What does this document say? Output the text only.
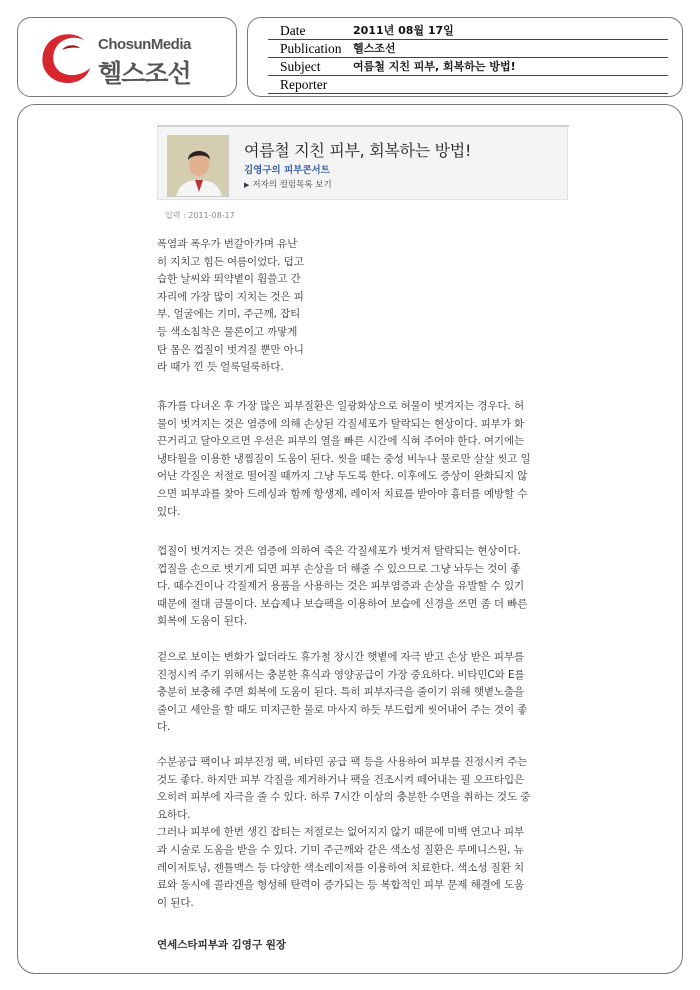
ChosunMedia
헬스조선
Date	2011년 08월 17일
Publication	헬스조선
Subject	여름철 지친 피부, 회복하는 방법!
Reporter
여름철 지친 피부, 회복하는 방법!
김영구의 피부콘서트
▶ 저자의 컬럼목록 보기
입력 : 2011-08-17
폭염과 폭우가 번갈아가며 유난
히 지치고 힘든 여름이었다. 덥고
습한 날씨와 뙤약볕이 휩쓸고 간
자리에 가장 많이 지치는 것은 피
부. 얼굴에는 기미, 주근깨, 잡티
등 색소침착은 물론이고 까맣게
탄 몸은 껍질이 벗겨질 뿐만 아니
라 때가 낀 듯 얼룩덜룩하다.
휴가를 다녀온 후 가장 많은 피부질환은 일광화상으로 허물이 벗겨지는 경우다. 허
물이 벗겨지는 것은 염증에 의해 손상된 각질세포가 탈락되는 현상이다. 피부가 화
끈거리고 달아오르면 우선은 피부의 열을 빠른 시간에 식혀 주어야 한다. 여기에는
냉타월을 이용한 냉찜질이 도움이 된다. 씻을 때는 중성 비누나 물로만 살살 씻고 일
어난 각질은 저절로 떨어질 때까지 그냥 두도록 한다. 이후에도 증상이 완화되지 않
으면 피부과를 찾아 드레싱과 함께 항생제, 레이저 치료를 받아야 흉터를 예방할 수
있다.
껍질이 벗겨지는 것은 염증에 의하여 죽은 각질세포가 벗겨져 탈락되는 현상이다.
껍질을 손으로 벗기게 되면 피부 손상을 더 해줄 수 있으므로 그냥 놔두는 것이 좋
다. 때수건이나 각질제거 용품을 사용하는 것은 피부염증과 손상을 유발할 수 있기
때문에 절대 금물이다. 보습제나 보습팩을 이용하여 보습에 신경을 쓰면 좀 더 빠른
회복에 도움이 된다.
겉으로 보이는 변화가 없더라도 휴가철 장시간 햇볕에 자극 받고 손상 받은 피부를
진정시켜 주기 위해서는 충분한 휴식과 영양공급이 가장 중요하다. 비타민C와 E를
충분히 보충해 주면 회복에 도움이 된다. 특히 피부자극을 줄이기 위해 햇볕노출을
줄이고 세안을 할 때도 미지근한 물로 마사지 하듯 부드럽게 씻어내어 주는 것이 좋
다.
수분공급 팩이나 피부진정 팩, 비타민 공급 팩 등을 사용하여 피부를 진정시켜 주는
것도 좋다. 하지만 피부 각질을 제거하거나 팩을 건조시켜 떼어내는 필 오프타입은
오히려 피부에 자극을 줄 수 있다. 하루 7시간 이상의 충분한 수면을 취하는 것도 중
요하다.
그러나 피부에 한번 생긴 잡티는 저절로는 없어지지 않기 때문에 미백 연고나 피부
과 시술로 도움을 받을 수 있다. 기미 주근깨와 같은 색소성 질환은 루메니스원, 뉴
레이저토닝, 젠틀맥스 등 다양한 색소레이저를 이용하여 치료한다. 색소성 질환 치
료와 동시에 콜라겐을 형성해 탄력이 증가되는 등 복합적인 피부 문제 해결에 도움
이 된다.
연세스타피부과 김영구 원장
